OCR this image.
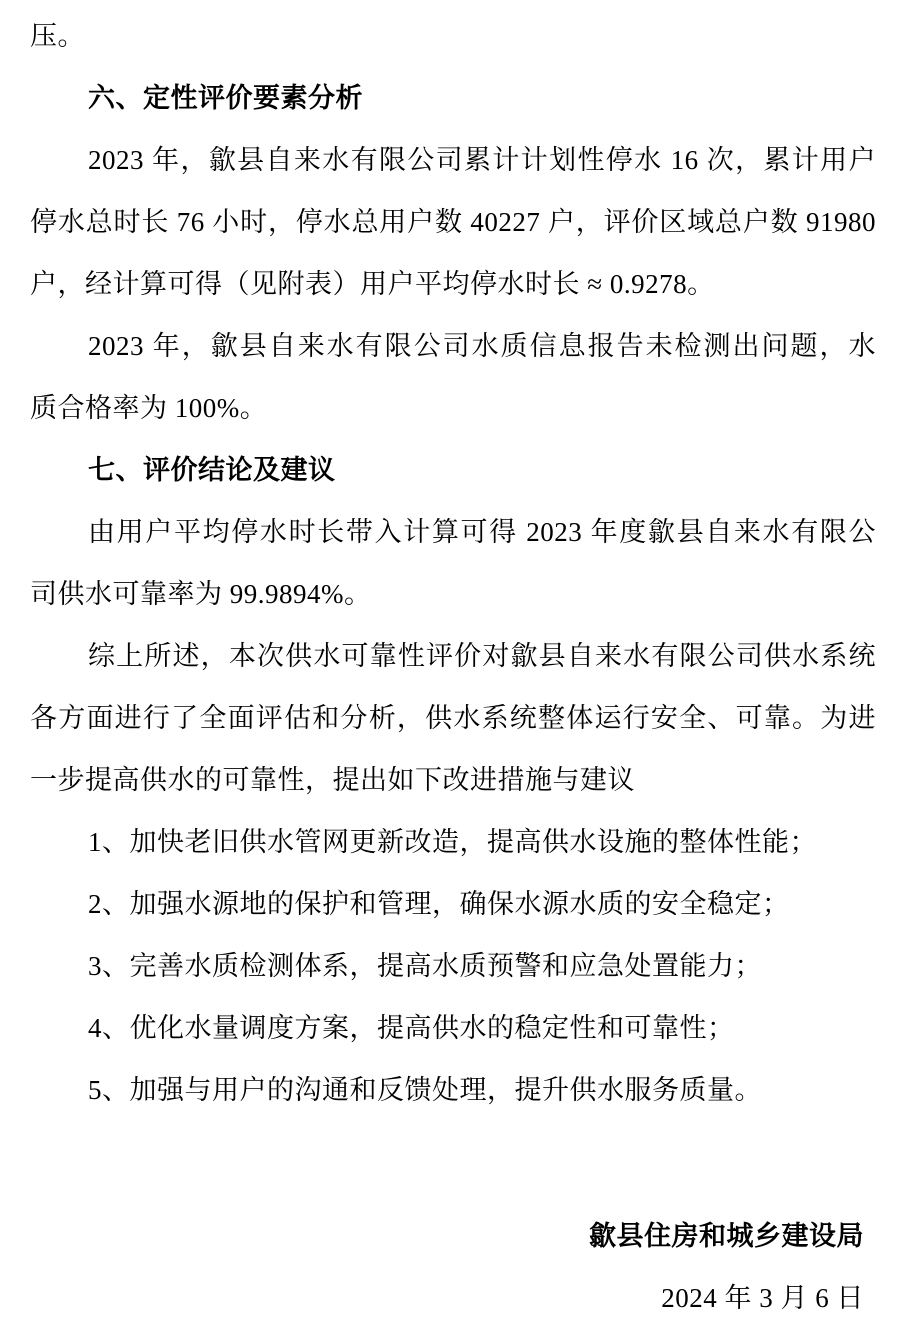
压。
六、定性评价要素分析
2023 年，歙县自来水有限公司累计计划性停水 16 次，累计用户
停水总时长 76 小时，停水总用户数 40227 户，评价区域总户数 91980
户，经计算可得（见附表）用户平均停水时长 ≈ 0.9278。
2023 年，歙县自来水有限公司水质信息报告未检测出问题，水
质合格率为 100%。
七、评价结论及建议
由用户平均停水时长带入计算可得 2023 年度歙县自来水有限公
司供水可靠率为 99.9894%。
综上所述，本次供水可靠性评价对歙县自来水有限公司供水系统
各方面进行了全面评估和分析，供水系统整体运行安全、可靠。为进
一步提高供水的可靠性，提出如下改进措施与建议
1、加快老旧供水管网更新改造，提高供水设施的整体性能；
2、加强水源地的保护和管理，确保水源水质的安全稳定；
3、完善水质检测体系，提高水质预警和应急处置能力；
4、优化水量调度方案，提高供水的稳定性和可靠性；
5、加强与用户的沟通和反馈处理，提升供水服务质量。
歙县住房和城乡建设局
2024 年 3 月 6 日
